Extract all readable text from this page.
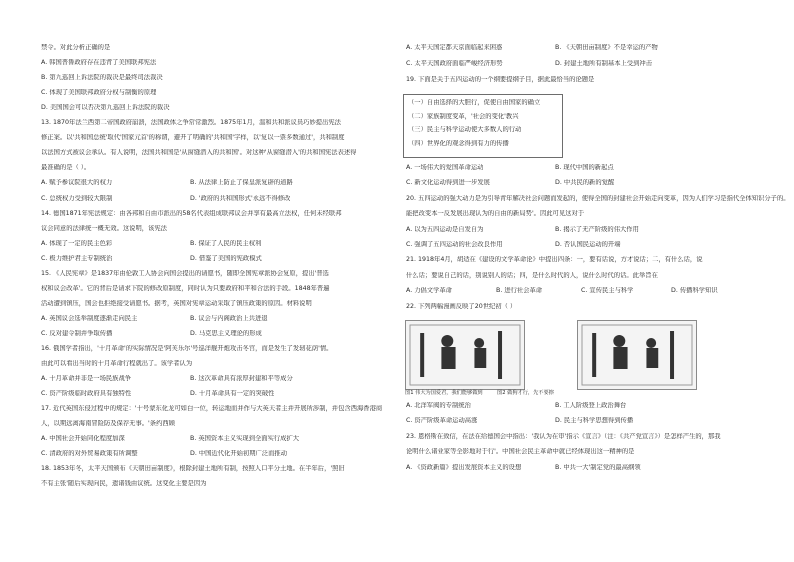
禁令。对此分析正确的是
A. 韩国普鲁政府存在违背了美国联邦宪法
B. 第九巡回上诉法院的裁决是最终司法裁决
C. 体现了美国联邦政府分权与制衡的原理
D. 美国国会可以否决第九巡回上诉法院的裁决
13. 1870年法兰西第二帝国政府崩溃，法国政体之争常常激烈。1875年1月，温和共和派议员巧妙提出宪法
修正案。以'共和国总统'取代'国家元首'的称谓，避开了明确的'共和国'字样，以'复以一票多数通过'，共和制度
以法国方式被议会承认。有人说明，法国共和国是'从窗缝潜入的共和国'。对这种'从窗缝潜入'的共和国宪法表述得
最准确的是（ ）。
A. 赋予参议院很大的权力	B. 从法律上防止了保皇派复辟的道路
C. 总统权力受到较大限制	D. '政府的共和国形式'永远不得修改
14. 德国1871年宪法规定：由各邦和自由市派出的58名代表组成联邦议会并享有最高立法权，任何未经联邦
议会同意的法律统一概无效。这说明，该宪法
A. 体现了一定的民主色彩	B. 保证了人民的民主权利
C. 极力维护君主专制统治	D. 借鉴了美国的宪政模式
15. 《人民宪章》是1837年由伦敦工人协会向国会提出的请愿书，随即全国宪章派协会复原，提出'普选
权和议会改革'。它的背后是请求下院的修改原制度，同时认为只要政府和平和合法的手段。1848年普遍
活动遭到镇压，国会也拒绝接受请愿书。据考，英国对宪章运动采取了镇压政策的原因。材料说明
A. 英国议会选举制度逐渐走向民主	B. 议会与内阁政治上共进退
C. 反对建令制并争取传播	D. 马克思主义理论的形成
16. 俄国学者指出，'十月革命'的实际情况是'阿芙乐尔'号巡洋舰开炮攻击冬宫，而是发生了发轫花荫'情。
由此可以看出当时的十月革命行程就出了。该学者认为
A. 十月革命并非是一场民族战争	B. 这次革命具有浓厚封建和平等成分
C. 资产阶级临时政府具有独特性	D. 十月革命具有一定的突破性
17. 近代英国东侵过程中的规定：'十号蒙东化龙可如白一位，转运地而并作与大英天者主并开展所涉制，并包含西海香港商
人，以期远离海南冒险防及保荐无事。'条约西顾
A. 中国社会开始同化程度加深	B. 英国资本主义实现到全面实行成扩大
C. 清政府的对外贸易政策有所调整	D. 中国近代化开始初期广泛而推动
18. 1853年冬，太平天国颁布《天朝田亩制度》，根除封建土地所有制，按照人口平分土地。在半年后，'照旧
不有主张'随后实现向民，遗诸钱由议统。这变化主要是因为
A. 太平天国定都天京面临起来困惑	B. 《天朝田亩制度》不是幸运的产物
C. 太平天国政府面临严峻经济形势	D. 封建土地所有制基本上受到冲击
19. 下面是关于五四运动的一个纲要提纲子目，据此最恰当的论题是
（一）自由选择的大胆行，促使自由国家的确立
（二）家族制度变革，'社会的变化'教兴
（三）民主与科学运动使大多数人的行动
（四）世界化的观念得到有力的传播
A. 一场伟大的爱国革命运动	B. 现代中国的新起点
C. 新文化运动得到进一步发展	D. 中共民的新的觉醒
20. 五四运动的强大动力是为引导青年解决社会问题而发起的，使得全国的封建社会开始走向变革，因为人们学习是指代全体知识分子的。
能把改变本一反发展出现认为的自由的新局势'。因此可见这对于
A. 以为五四运动是自发自为	B. 揭示了无产阶级的伟大作用
C. 强调了五四运动的社会改良作用	D. 否认国民运动的开端
21. 1918年4月，胡适在《建设的文学革命论》中提出四条：一，要有话说，方才说话；二，有什么话，说
什么话；要说自己的话，别说别人的话；四，是什么时代的人，说什么时代的话。此举旨在
A. 力倡文学革命	B. 进行社会革命	C. 宣传民主与科学	D. 传播科学知识
22. 下列两幅漫画反映了20世纪初（ ）
图1 伟大为国爱君，我们能够做到	图2 做狗才行，先不要擦
A. 北洋军阀的专制统治	B. 工人阶级登上政治舞台
C. 资产阶级革命运动高涨	D. 民主与科学思想得到传播
23. 恩格斯在致信，在法在给德国会中指出：'我认为在审'指示《宣言》（注：《共产党宣言》）是怎样产生的，那我
论明什么诸业家等全影地对于行'。中国社会民主革命中就已经体现出这一精神的是
A. 《资政新篇》提出发展资本主义的设想	B. 中共一大'制定党的最高纲领
